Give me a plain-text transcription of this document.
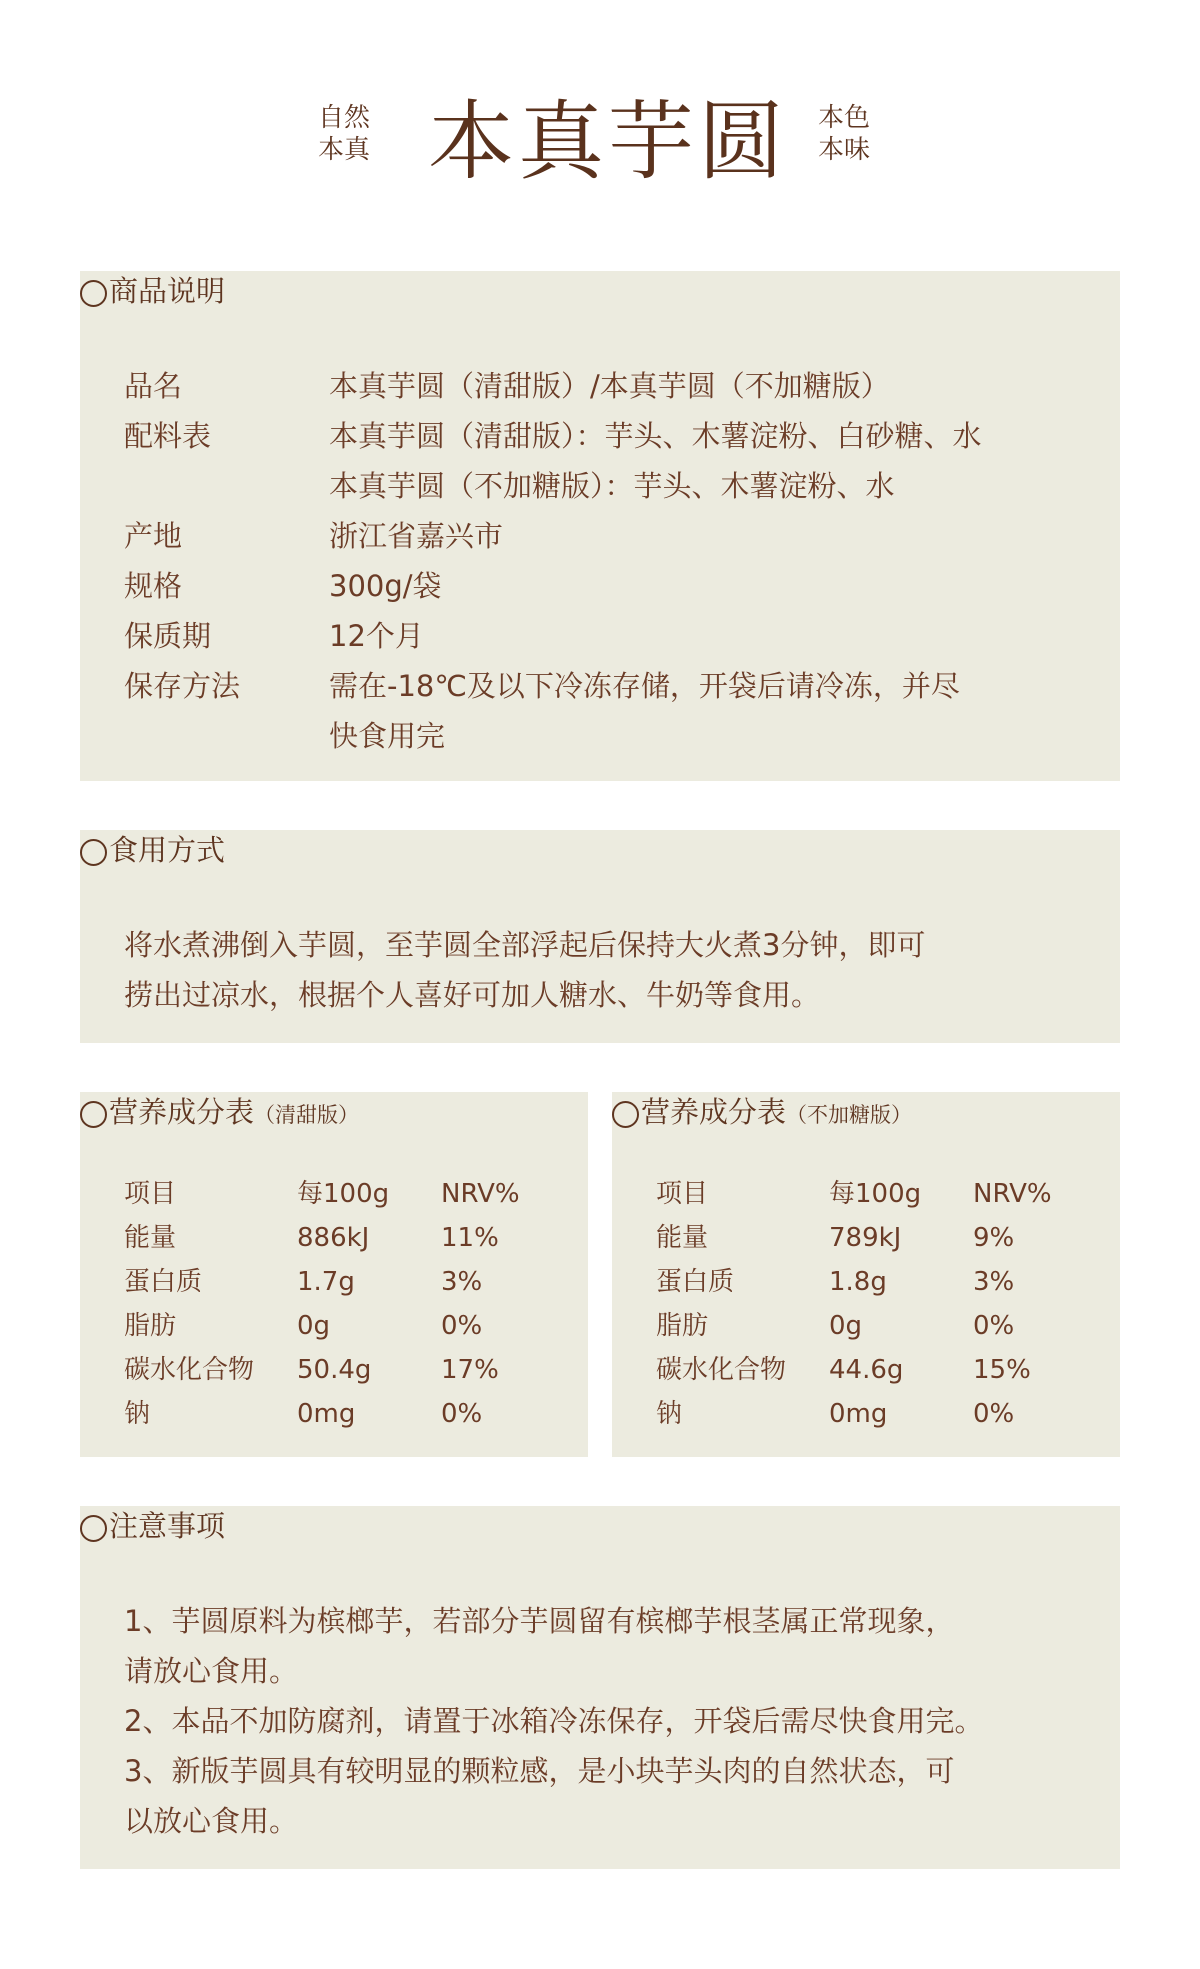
自然
本真 本真芋圆 本色
本味
商品说明
品名	本真芋圆（清甜版）/本真芋圆（不加糖版）
配料表	本真芋圆（清甜版）：芋头、木薯淀粉、白砂糖、水
本真芋圆（不加糖版）：芋头、木薯淀粉、水
产地	浙江省嘉兴市
规格	300g/袋
保质期	12个月
保存方法	需在-18℃及以下冷冻存储，开袋后请冷冻，并尽
快食用完
食用方式
将水煮沸倒入芋圆，至芋圆全部浮起后保持大火煮3分钟，即可
捞出过凉水，根据个人喜好可加人糖水、牛奶等食用。
营养成分表（清甜版）
项目	每100g NRV%
能量	886kJ	11%
蛋白质	1.7g	3%
脂肪	0g	0%
碳水化合物 50.4g	17%
钠	0mg	0%
营养成分表（不加糖版）
项目	每100g NRV%
能量	789kJ	9%
蛋白质	1.8g	3%
脂肪	0g	0%
碳水化合物 44.6g	15%
钠	0mg	0%
注意事项
1、芋圆原料为槟榔芋，若部分芋圆留有槟榔芋根茎属正常现象，
请放心食用。
2、本品不加防腐剂，请置于冰箱冷冻保存，开袋后需尽快食用完。
3、新版芋圆具有较明显的颗粒感，是小块芋头肉的自然状态，可
以放心食用。
